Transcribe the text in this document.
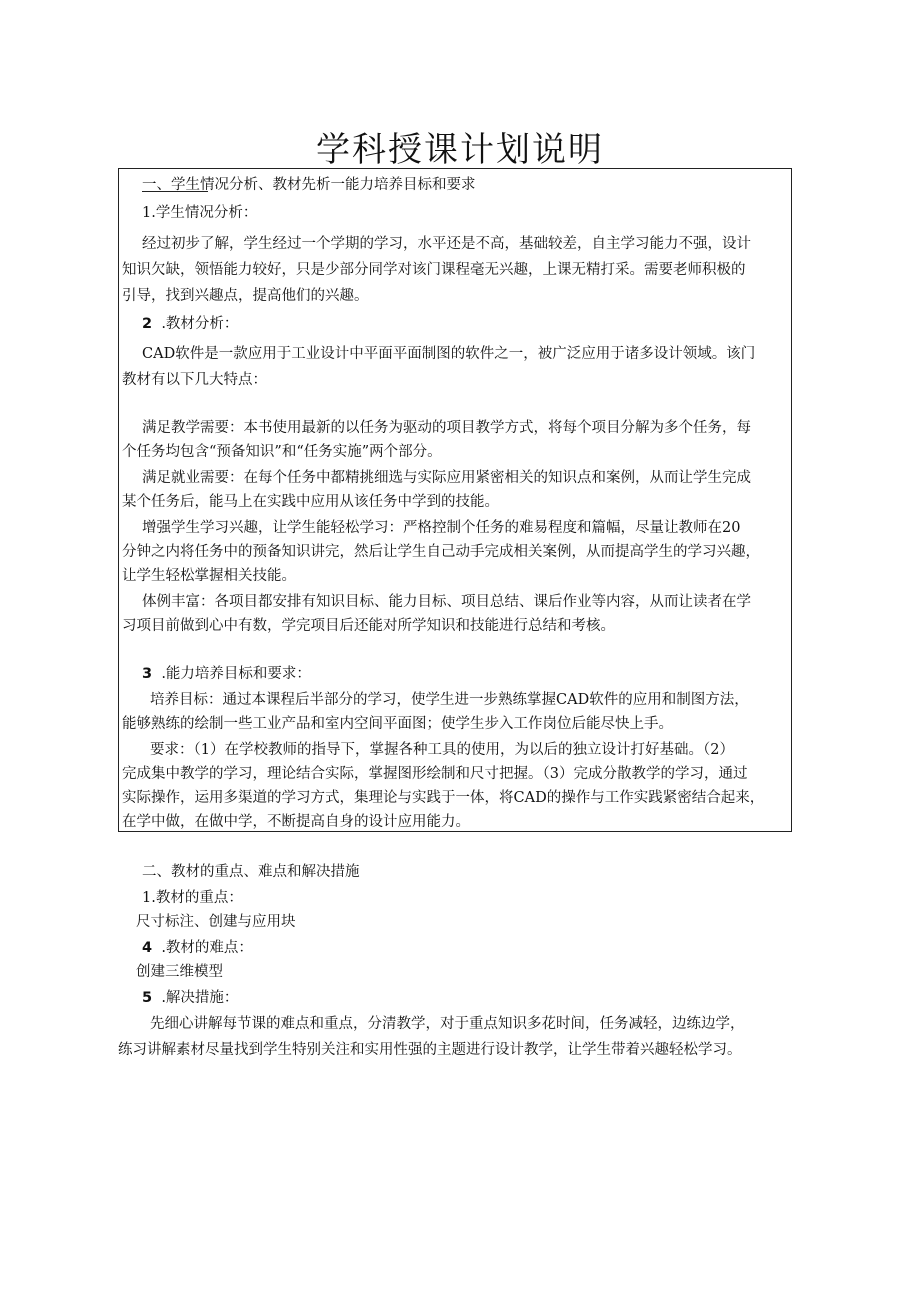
学科授课计划说明
一、学生情况分析、教材先析一能力培养目标和要求
1.学生情况分析：
经过初步了解，学生经过一个学期的学习，水平还是不高，基础较差，自主学习能力不强，设计
知识欠缺，领悟能力较好，只是少部分同学对该门课程毫无兴趣，上课无精打采。需要老师积极的
引导，找到兴趣点，提高他们的兴趣。
2 .教材分析：
CAD软件是一款应用于工业设计中平面平面制图的软件之一，被广泛应用于诸多设计领域。该门
教材有以下几大特点：
满足教学需要：本书使用最新的以任务为驱动的项目教学方式，将每个项目分解为多个任务，每
个任务均包含“预备知识”和“任务实施”两个部分。
满足就业需要：在每个任务中都精挑细选与实际应用紧密相关的知识点和案例，从而让学生完成
某个任务后，能马上在实践中应用从该任务中学到的技能。
增强学生学习兴趣，让学生能轻松学习：严格控制个任务的难易程度和篇幅，尽量让教师在20
分钟之内将任务中的预备知识讲完，然后让学生自己动手完成相关案例，从而提高学生的学习兴趣，
让学生轻松掌握相关技能。
体例丰富：各项目都安排有知识目标、能力目标、项目总结、课后作业等内容，从而让读者在学
习项目前做到心中有数，学完项目后还能对所学知识和技能进行总结和考核。
3 .能力培养目标和要求：
培养目标：通过本课程后半部分的学习，使学生进一步熟练掌握CAD软件的应用和制图方法，
能够熟练的绘制一些工业产品和室内空间平面图；使学生步入工作岗位后能尽快上手。
要求：（1）在学校教师的指导下，掌握各种工具的使用，为以后的独立设计打好基础。（2）
完成集中教学的学习，理论结合实际，掌握图形绘制和尺寸把握。（3）完成分散教学的学习，通过
实际操作，运用多渠道的学习方式，集理论与实践于一体，将CAD的操作与工作实践紧密结合起来，
在学中做，在做中学，不断提高自身的设计应用能力。
二、教材的重点、难点和解决措施
1.教材的重点：
尺寸标注、创建与应用块
4 .教材的难点：
创建三维模型
5 .解决措施：
先细心讲解每节课的难点和重点，分清教学，对于重点知识多花时间，任务减轻，边练边学，
练习讲解素材尽量找到学生特别关注和实用性强的主题进行设计教学，让学生带着兴趣轻松学习。
